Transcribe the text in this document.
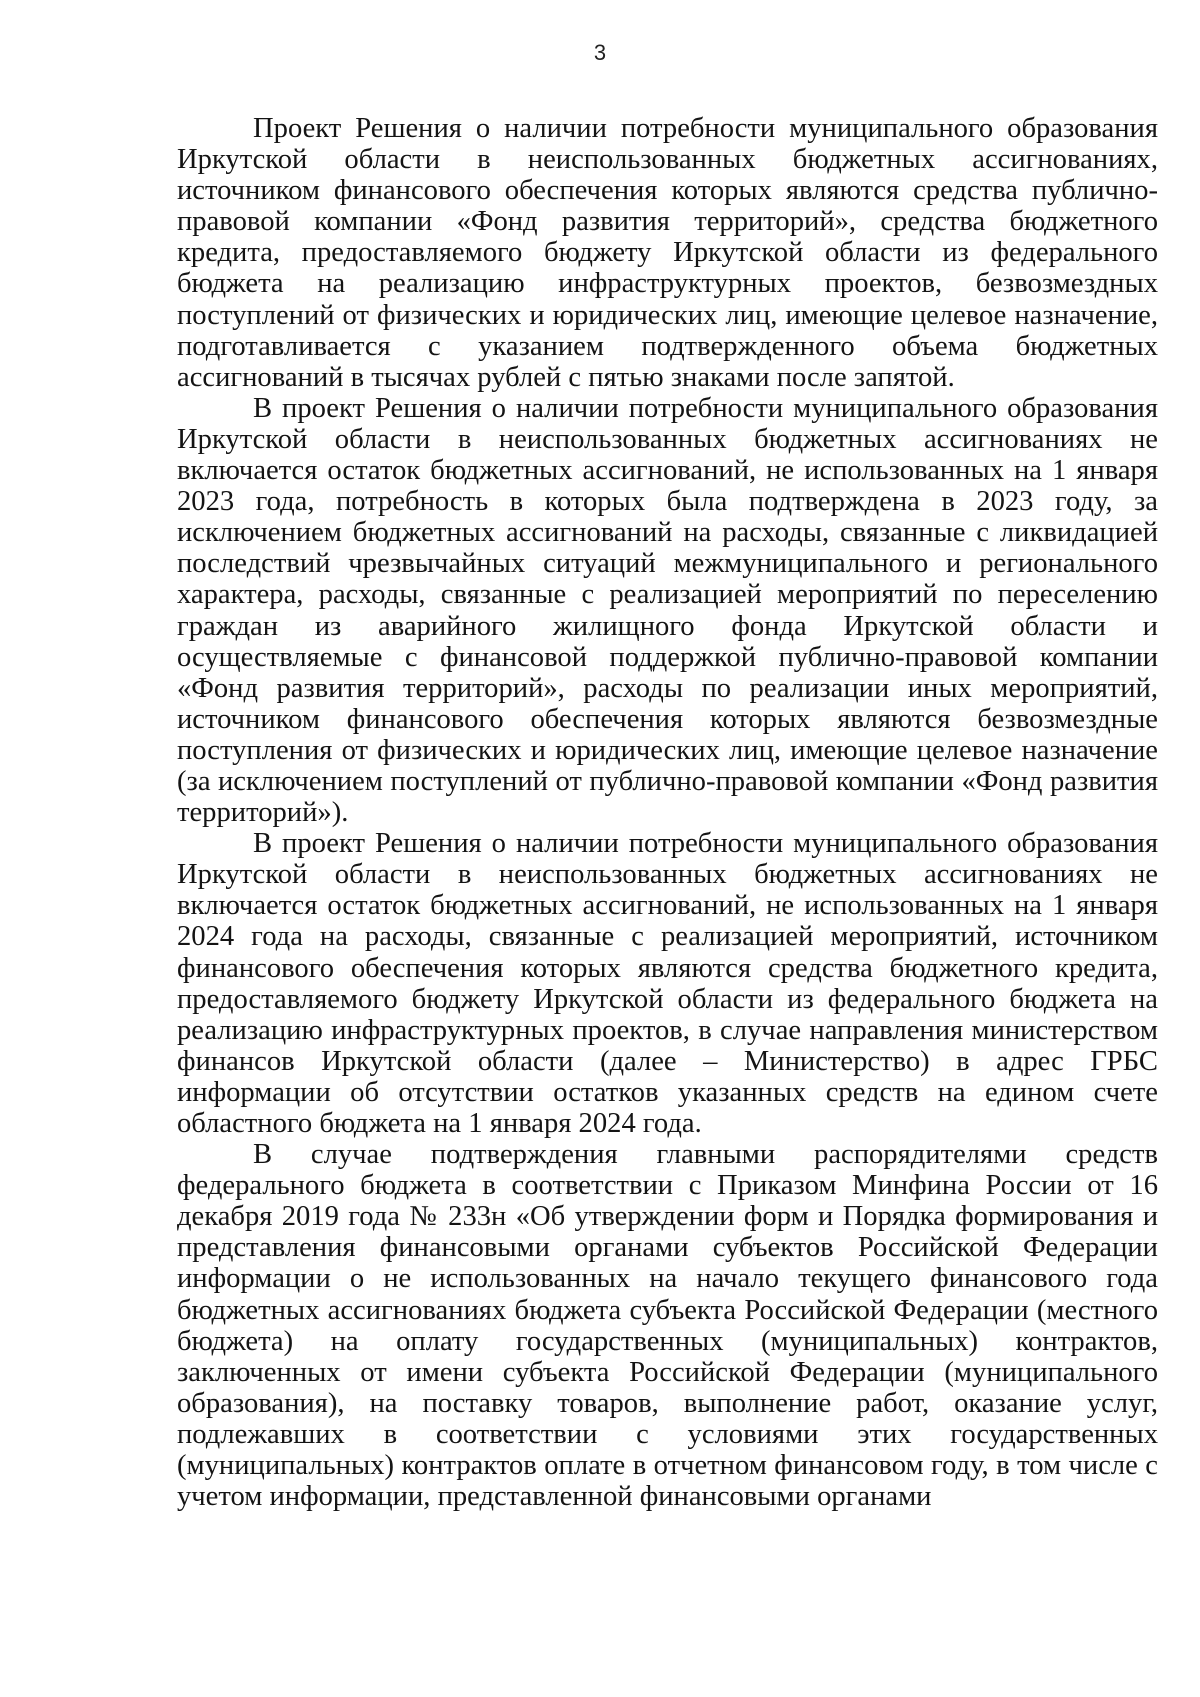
3

Проект Решения о наличии потребности муниципального образования Иркутской области в неиспользованных бюджетных ассигнованиях, источником финансового обеспечения которых являются средства публично-правовой компании «Фонд развития территорий», средства бюджетного кредита, предоставляемого бюджету Иркутской области из федерального бюджета на реализацию инфраструктурных проектов, безвозмездных поступлений от физических и юридических лиц, имеющие целевое назначение, подготавливается с указанием подтвержденного объема бюджетных ассигнований в тысячах рублей с пятью знаками после запятой.

В проект Решения о наличии потребности муниципального образования Иркутской области в неиспользованных бюджетных ассигнованиях не включается остаток бюджетных ассигнований, не использованных на 1 января 2023 года, потребность в которых была подтверждена в 2023 году, за исключением бюджетных ассигнований на расходы, связанные с ликвидацией последствий чрезвычайных ситуаций межмуниципального и регионального характера, расходы, связанные с реализацией мероприятий по переселению граждан из аварийного жилищного фонда Иркутской области и осуществляемые с финансовой поддержкой публично-правовой компании «Фонд развития территорий», расходы по реализации иных мероприятий, источником финансового обеспечения которых являются безвозмездные поступления от физических и юридических лиц, имеющие целевое назначение (за исключением поступлений от публично-правовой компании «Фонд развития территорий»).

В проект Решения о наличии потребности муниципального образования Иркутской области в неиспользованных бюджетных ассигнованиях не включается остаток бюджетных ассигнований, не использованных на 1 января 2024 года на расходы, связанные с реализацией мероприятий, источником финансового обеспечения которых являются средства бюджетного кредита, предоставляемого бюджету Иркутской области из федерального бюджета на реализацию инфраструктурных проектов, в случае направления министерством финансов Иркутской области (далее – Министерство) в адрес ГРБС информации об отсутствии остатков указанных средств на едином счете областного бюджета на 1 января 2024 года.

В случае подтверждения главными распорядителями средств федерального бюджета в соответствии с Приказом Минфина России от 16 декабря 2019 года № 233н «Об утверждении форм и Порядка формирования и представления финансовыми органами субъектов Российской Федерации информации о не использованных на начало текущего финансового года бюджетных ассигнованиях бюджета субъекта Российской Федерации (местного бюджета) на оплату государственных (муниципальных) контрактов, заключенных от имени субъекта Российской Федерации (муниципального образования), на поставку товаров, выполнение работ, оказание услуг, подлежавших в соответствии с условиями этих государственных (муниципальных) контрактов оплате в отчетном финансовом году, в том числе с учетом информации, представленной финансовыми органами
